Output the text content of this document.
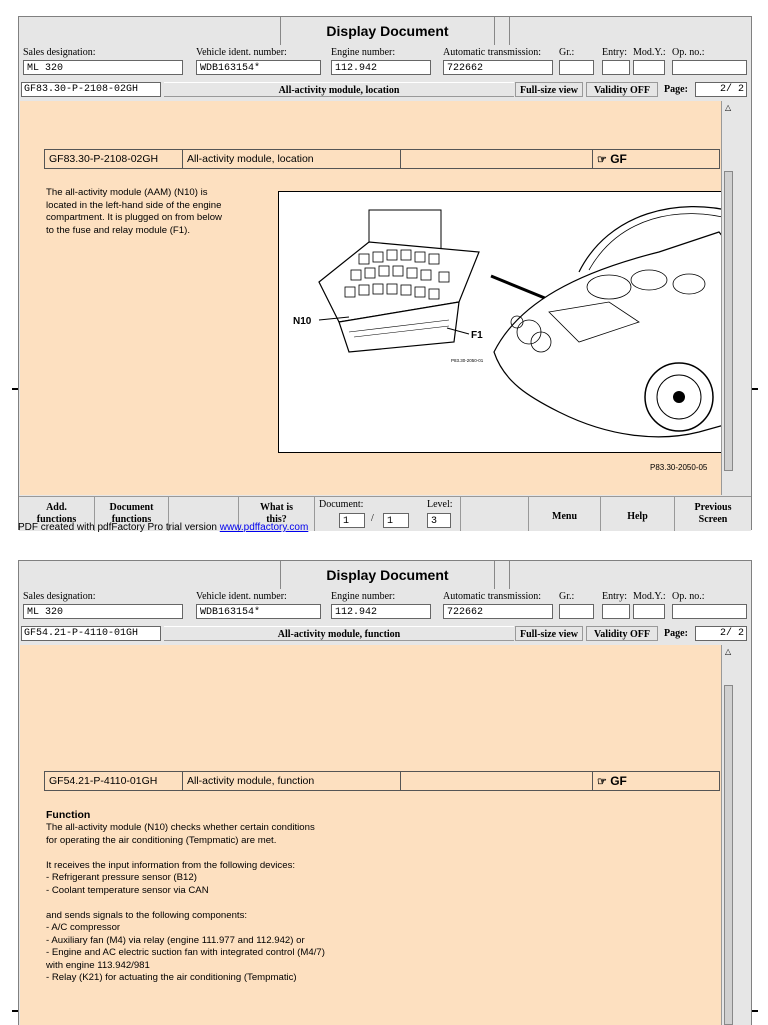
Display Document
Sales designation:	Vehicle ident. number:	Engine number:	Automatic transmission: Gr.:	Entry: Mod.Y.: Op. no.:
ML 320	WDB163154*	112.942	722662
GF83.30-P-2108-02GH	All-activity module, location	Full-size view	Validity OFF	Page:	2/ 2
GF83.30-P-2108-02GH	All-activity module, location	☞ GF
The all-activity module (AAM) (N10) is
located in the left-hand side of the engine
compartment. It is plugged on from below
to the fuse and relay module (F1).
N10
F1
P83.30-2050-01
P83.30-2050-05
△
Add.
functions
Document
functions
What is
this?
Document:	Level:
1	/	1	3	Menu	Help
Previous
Screen
PDF created with pdfFactory Pro trial version www.pdffactory.com
Display Document
Sales designation:	Vehicle ident. number:	Engine number:	Automatic transmission: Gr.:	Entry: Mod.Y.: Op. no.:
ML 320	WDB163154*	112.942	722662
GF54.21-P-4110-01GH	All-activity module, function	Full-size view	Validity OFF	Page:	2/ 2
GF54.21-P-4110-01GH	All-activity module, function	☞ GF
Function
The all-activity module (N10) checks whether certain conditions
for operating the air conditioning (Tempmatic) are met.

It receives the input information from the following devices:
- Refrigerant pressure sensor (B12)
- Coolant temperature sensor via CAN

and sends signals to the following components:
- A/C compressor
- Auxiliary fan (M4) via relay (engine 111.977 and 112.942) or
- Engine and AC electric suction fan with integrated control (M4/7)
with engine 113.942/981
- Relay (K21) for actuating the air conditioning (Tempmatic)
△
